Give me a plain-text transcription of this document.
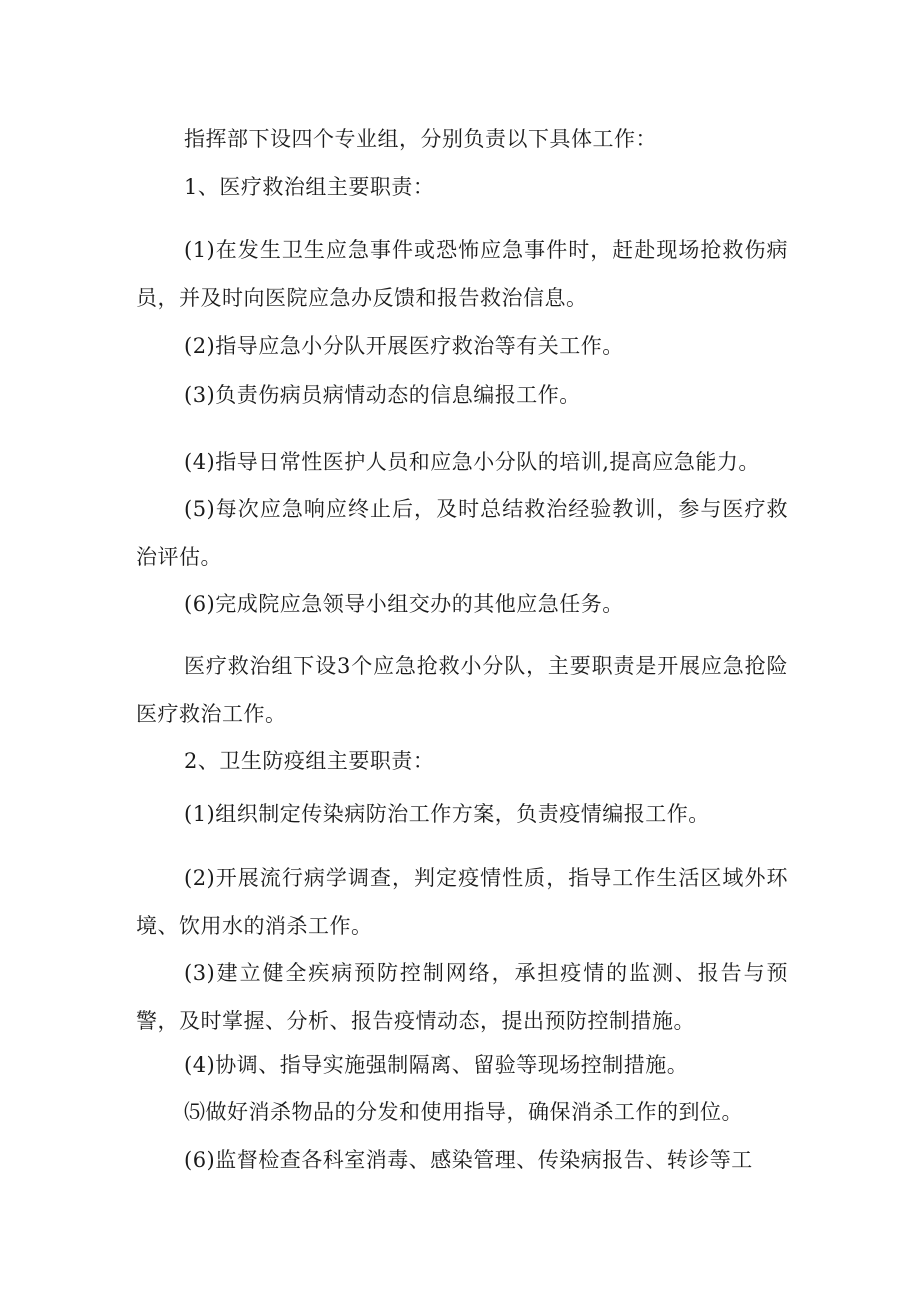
指挥部下设四个专业组，分别负责以下具体工作：

1、医疗救治组主要职责：

(1)在发生卫生应急事件或恐怖应急事件时，赶赴现场抢救伤病员，并及时向医院应急办反馈和报告救治信息。

(2)指导应急小分队开展医疗救治等有关工作。

(3)负责伤病员病情动态的信息编报工作。

(4)指导日常性医护人员和应急小分队的培训,提高应急能力。

(5)每次应急响应终止后，及时总结救治经验教训，参与医疗救治评估。

(6)完成院应急领导小组交办的其他应急任务。

医疗救治组下设3个应急抢救小分队，主要职责是开展应急抢险医疗救治工作。

2、卫生防疫组主要职责：

(1)组织制定传染病防治工作方案，负责疫情编报工作。

(2)开展流行病学调查，判定疫情性质，指导工作生活区域外环境、饮用水的消杀工作。

(3)建立健全疾病预防控制网络，承担疫情的监测、报告与预警，及时掌握、分析、报告疫情动态，提出预防控制措施。

(4)协调、指导实施强制隔离、留验等现场控制措施。

⑸做好消杀物品的分发和使用指导，确保消杀工作的到位。

(6)监督检查各科室消毒、感染管理、传染病报告、转诊等工
